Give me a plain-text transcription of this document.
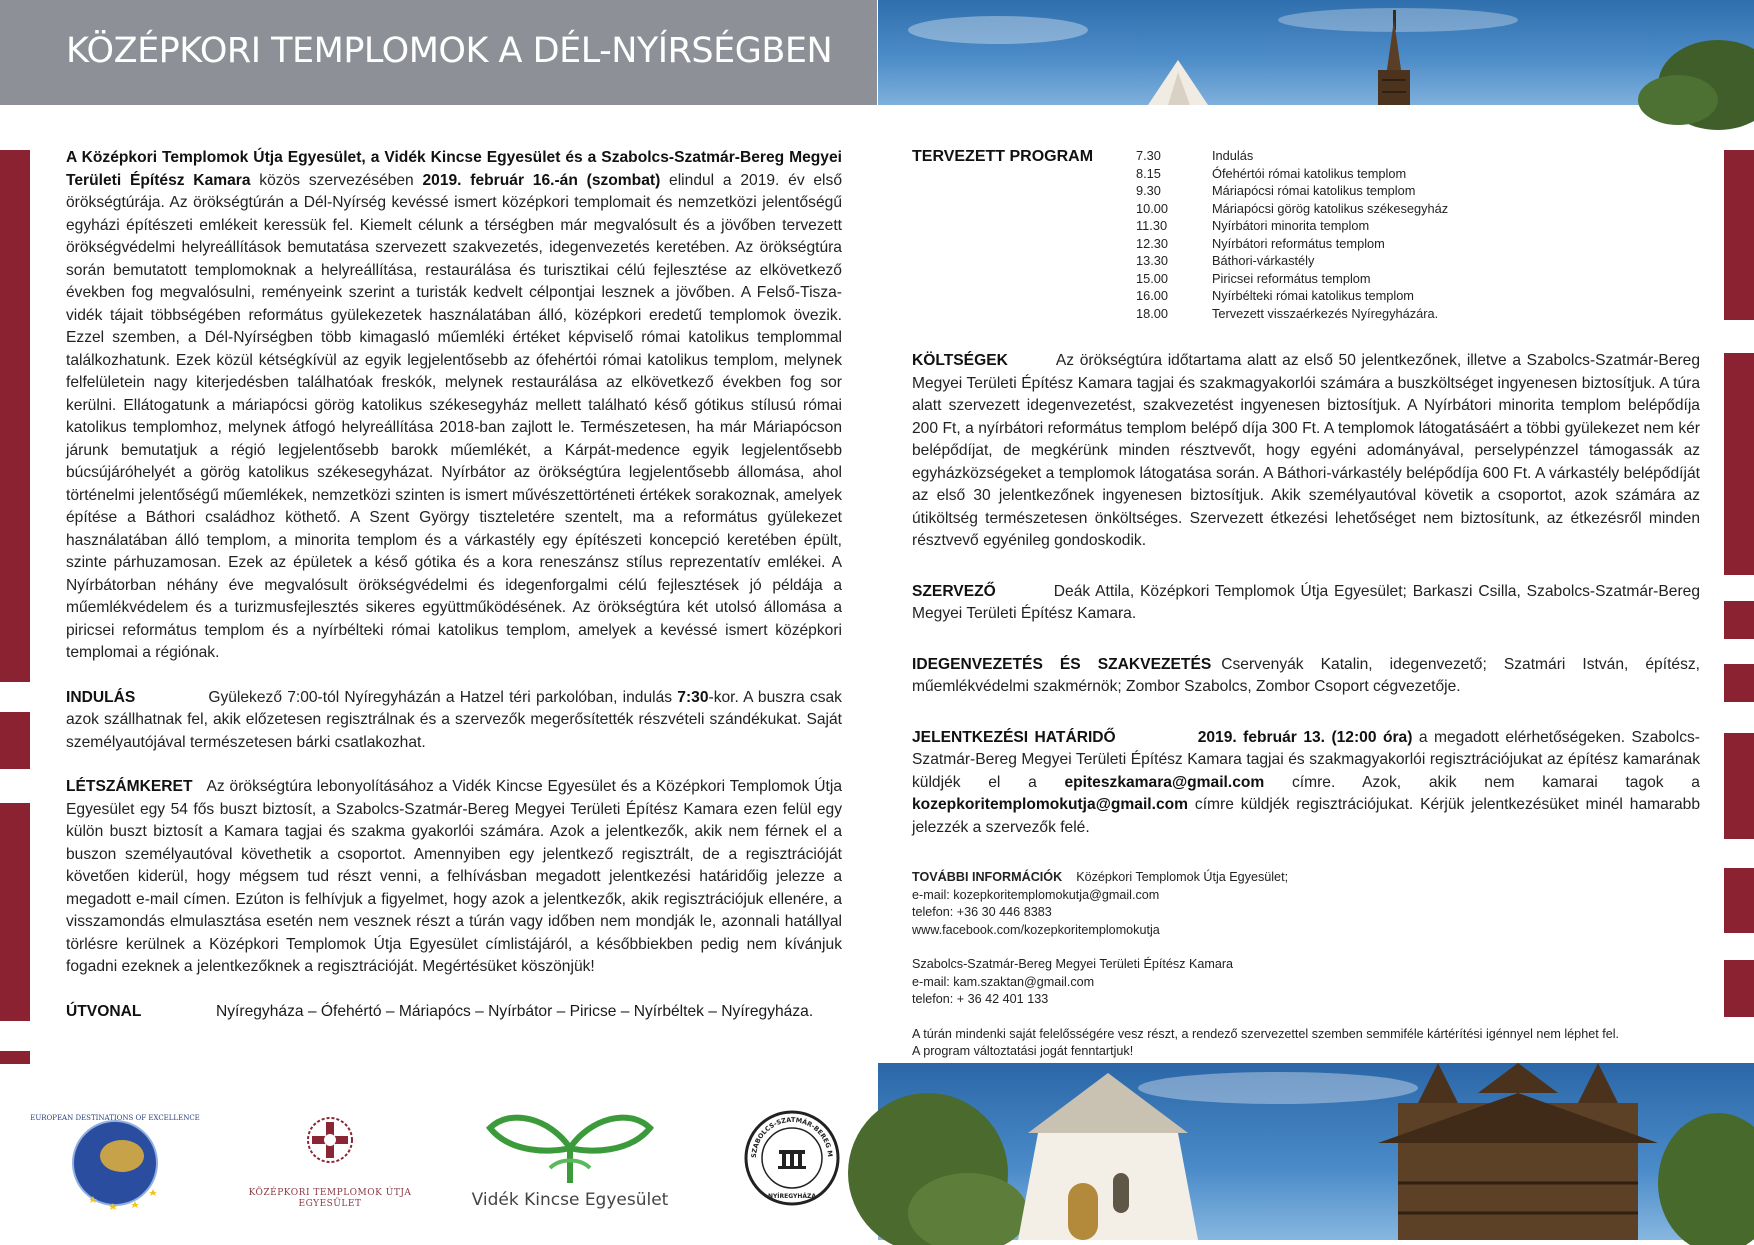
KÖZÉPKORI TEMPLOMOK A DÉL-NYÍRSÉGBEN
A Középkori Templomok Útja Egyesület, a Vidék Kincse Egyesület és a Szabolcs-Szatmár-Bereg Megyei Területi Építész Kamara közös szervezésében 2019. február 16.-án (szombat) elindul a 2019. év első örökségtúrája. Az örökségtúrán a Dél-Nyírség kevéssé ismert középkori templomait és nemzetközi jelentőségű egyházi építészeti emlékeit keressük fel. Kiemelt célunk a térségben már megvalósult és a jövőben tervezett örökségvédelmi helyreállítások bemutatása szervezett szakvezetés, idegenvezetés keretében. Az örökségtúra során bemutatott templomoknak a helyreállítása, restaurálása és turisztikai célú fejlesztése az elkövetkező években fog megvalósulni, reményeink szerint a turisták kedvelt célpontjai lesznek a jövőben. A Felső-Tisza-vidék tájait többségében református gyülekezetek használatában álló, középkori eredetű templomok övezik. Ezzel szemben, a Dél-Nyírségben több kimagasló műemléki értéket képviselő római katolikus templommal találkozhatunk. Ezek közül kétségkívül az egyik legjelentősebb az ófehértói római katolikus templom, melynek felfelületein nagy kiterjedésben találhatóak freskók, melynek restaurálása az elkövetkező években fog sor kerülni. Ellátogatunk a máriapócsi görög katolikus székesegyház mellett található késő gótikus stílusú római katolikus templomhoz, melynek átfogó helyreállítása 2018-ban zajlott le. Természetesen, ha már Máriapócson járunk bemutatjuk a régió legjelentősebb barokk műemlékét, a Kárpát-medence egyik legjelentősebb búcsújáróhelyét a görög katolikus székesegyházat. Nyírbátor az örökségtúra legjelentősebb állomása, ahol történelmi jelentőségű műemlékek, nemzetközi szinten is ismert művészettörténeti értékek sorakoznak, amelyek építése a Báthori családhoz köthető. A Szent György tiszteletére szentelt, ma a református gyülekezet használatában álló templom, a minorita templom és a várkastély egy építészeti koncepció keretében épült, szinte párhuzamosan. Ezek az épületek a késő gótika és a kora reneszánsz stílus reprezentatív emlékei. A Nyírbátorban néhány éve megvalósult örökségvédelmi és idegenforgalmi célú fejlesztések jó példája a műemlékvédelem és a turizmusfejlesztés sikeres együttműködésének. Az örökségtúra két utolsó állomása a piricsei református templom és a nyírbélteki római katolikus templom, amelyek a kevéssé ismert középkori templomai a régiónak.
INDULÁS	Gyülekező 7:00-tól Nyíregyházán a Hatzel téri parkolóban, indulás 7:30-kor. A buszra csak azok szállhatnak fel, akik előzetesen regisztrálnak és a szervezők megerősítették részvételi szándékukat. Saját személyautójával természetesen bárki csatlakozhat.
LÉTSZÁMKERET Az örökségtúra lebonyolításához a Vidék Kincse Egyesület és a Középkori Templomok Útja Egyesület egy 54 fős buszt biztosít, a Szabolcs-Szatmár-Bereg Megyei Területi Építész Kamara ezen felül egy külön buszt biztosít a Kamara tagjai és szakma gyakorlói számára. Azok a jelentkezők, akik nem férnek el a buszon személyautóval követhetik a csoportot. Amennyiben egy jelentkező regisztrált, de a regisztrációját követően kiderül, hogy mégsem tud részt venni, a felhívásban megadott jelentkezési határidőig jelezze a megadott e-mail címen. Ezúton is felhívjuk a figyelmet, hogy azok a jelentkezők, akik regisztrációjuk ellenére, a visszamondás elmulasztása esetén nem vesznek részt a túrán vagy időben nem mondják le, azonnali hatállyal törlésre kerülnek a Középkori Templomok Útja Egyesület címlistájáról, a későbbiekben pedig nem kívánjuk fogadni ezeknek a jelentkezőknek a regisztrációját. Megértésüket köszönjük!
ÚTVONAL	Nyíregyháza – Ófehértó – Máriapócs – Nyírbátor – Piricse – Nyírbéltek – Nyíregyháza.
EUROPEAN DESTINATIONS OF EXCELLENCE
KÖZÉPKORI TEMPLOMOK ÚTJA EGYESÜLET	Vidék Kincse Egyesület
SZABOLCS-SZATMÁR-BEREG M
NYÍREGYHÁZA
TERVEZETT PROGRAM	7.30	Indulás
8.15	Ófehértói római katolikus templom
9.30	Máriapócsi római katolikus templom
10.00	Máriapócsi görög katolikus székesegyház
11.30	Nyírbátori minorita templom
12.30	Nyírbátori református templom
13.30	Báthori-várkastély
15.00	Piricsei református templom
16.00	Nyírbélteki római katolikus templom
18.00	Tervezett visszaérkezés Nyíregyházára.
KÖLTSÉGEK	Az örökségtúra időtartama alatt az első 50 jelentkezőnek, illetve a Szabolcs-Szatmár-Bereg Megyei Területi Építész Kamara tagjai és szakmagyakorlói számára a buszköltséget ingyenesen biztosítjuk. A túra alatt szervezett idegenvezetést, szakvezetést ingyenesen biztosítjuk. A Nyírbátori minorita templom belépődíja 200 Ft, a nyírbátori református templom belépő díja 300 Ft. A templomok látogatásáért a többi gyülekezet nem kér belépődíjat, de megkérünk minden résztvevőt, hogy egyéni adományával, perselypénzzel támogassák az egyházközségeket a templomok látogatása során. A Báthori-várkastély belépődíja 600 Ft. A várkastély belépődíját az első 30 jelentkezőnek ingyenesen biztosítjuk. Akik személyautóval követik a csoportot, azok számára az útiköltség természetesen önköltséges. Szervezett étkezési lehetőséget nem biztosítunk, az étkezésről minden résztvevő egyénileg gondoskodik.
SZERVEZŐ	Deák Attila, Középkori Templomok Útja Egyesület; Barkaszi Csilla, Szabolcs-Szatmár-Bereg Megyei Területi Építész Kamara.
IDEGENVEZETÉS ÉS SZAKVEZETÉS Cservenyák Katalin, idegenvezető; Szatmári István, építész, műemlékvédelmi szakmérnök; Zombor Szabolcs, Zombor Csoport cégvezetője.
JELENTKEZÉSI HATÁRIDŐ	2019. február 13. (12:00 óra) a megadott elérhetőségeken. Szabolcs-Szatmár-Bereg Megyei Területi Építész Kamara tagjai és szakmagyakorlói regisztrációjukat az építész kamarának küldjék el a epiteszkamara@gmail.com címre. Azok, akik nem kamarai tagok a kozepkoritemplomokutja@gmail.com címre küldjék regisztrációjukat. Kérjük jelentkezésüket minél hamarabb jelezzék a szervezők felé.
TOVÁBBI INFORMÁCIÓK Középkori Templomok Útja Egyesület;
e-mail: kozepkoritemplomokutja@gmail.com
telefon: +36 30 446 8383
www.facebook.com/kozepkoritemplomokutja
Szabolcs-Szatmár-Bereg Megyei Területi Építész Kamara
e-mail: kam.szaktan@gmail.com
telefon: + 36 42 401 133
A túrán mindenki saját felelősségére vesz részt, a rendező szervezettel szemben semmiféle kártérítési igénnyel nem léphet fel.
A program változtatási jogát fenntartjuk!
